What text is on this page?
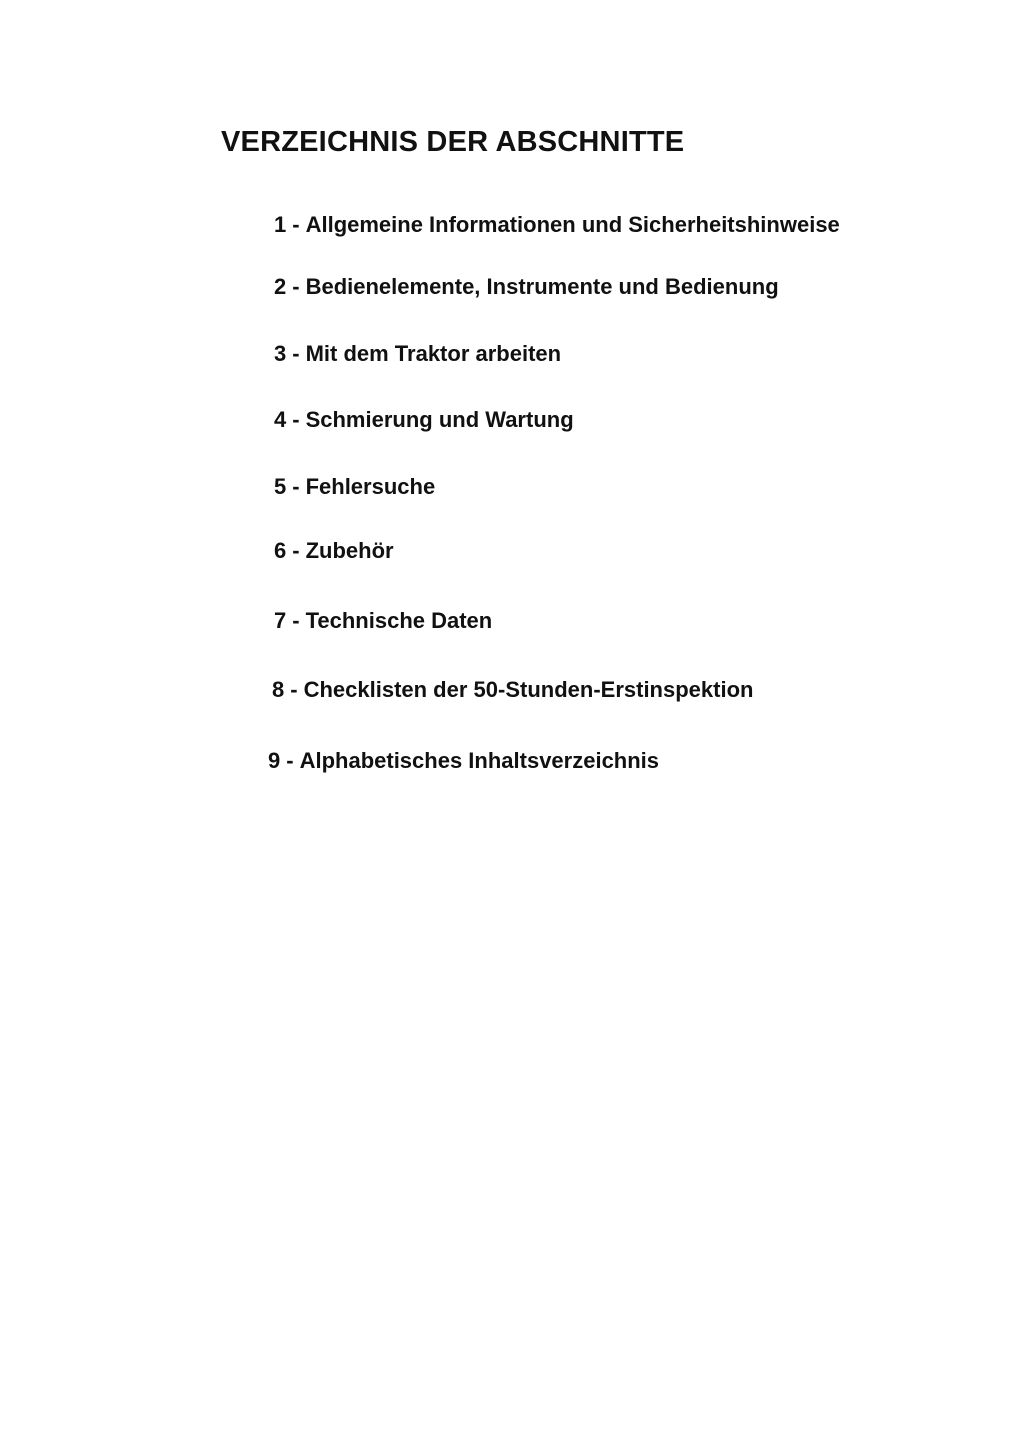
VERZEICHNIS DER ABSCHNITTE
1 - Allgemeine Informationen und Sicherheitshinweise
2 - Bedienelemente, Instrumente und Bedienung
3 - Mit dem Traktor arbeiten
4 - Schmierung und Wartung
5 - Fehlersuche
6 - Zubehör
7 - Technische Daten
8 - Checklisten der 50-Stunden-Erstinspektion
9 - Alphabetisches Inhaltsverzeichnis
